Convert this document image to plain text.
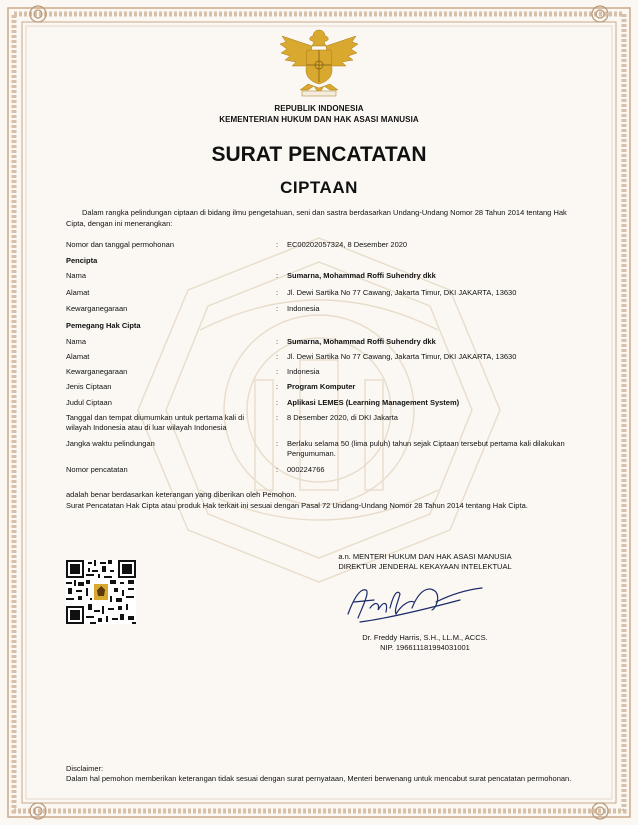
REPUBLIK INDONESIA
KEMENTERIAN HUKUM DAN HAK ASASI MANUSIA
SURAT PENCATATAN
CIPTAAN
Dalam rangka pelindungan ciptaan di bidang ilmu pengetahuan, seni dan sastra berdasarkan Undang-Undang Nomor 28 Tahun 2014 tentang Hak Cipta, dengan ini menerangkan:
Nomor dan tanggal permohonan	: EC00202057324, 8 Desember 2020
Pencipta
Nama	: Sumarna, Mohammad Roffi Suhendry dkk
Alamat	: Jl. Dewi Sartika No 77 Cawang, Jakarta Timur, DKI JAKARTA, 13630
Kewarganegaraan	: Indonesia
Pemegang Hak Cipta
Nama	: Sumarna, Mohammad Roffi Suhendry dkk
Alamat	: Jl. Dewi Sartika No 77 Cawang, Jakarta Timur, DKI JAKARTA, 13630
Kewarganegaraan	: Indonesia
Jenis Ciptaan	: Program Komputer
Judul Ciptaan	: Aplikasi LEMES (Learning Management System)
Tanggal dan tempat diumumkan untuk pertama kali di wilayah Indonesia atau di luar wilayah Indonesia
: 8 Desember 2020, di DKI Jakarta
Jangka waktu pelindungan	: Berlaku selama 50 (lima puluh) tahun sejak Ciptaan tersebut pertama kali dilakukan Pengumuman.
Nomor pencatatan	: 000224766
adalah benar berdasarkan keterangan yang diberikan oleh Pemohon.
Surat Pencatatan Hak Cipta atau produk Hak terkait ini sesuai dengan Pasal 72 Undang-Undang Nomor 28 Tahun 2014 tentang Hak Cipta.
a.n. MENTERI HUKUM DAN HAK ASASI MANUSIA
DIREKTUR JENDERAL KEKAYAAN INTELEKTUAL
Dr. Freddy Harris, S.H., LL.M., ACCS.
NIP. 196611181994031001
Disclaimer:
Dalam hal pemohon memberikan keterangan tidak sesuai dengan surat pernyataan, Menteri berwenang untuk mencabut surat pencatatan permohonan.
